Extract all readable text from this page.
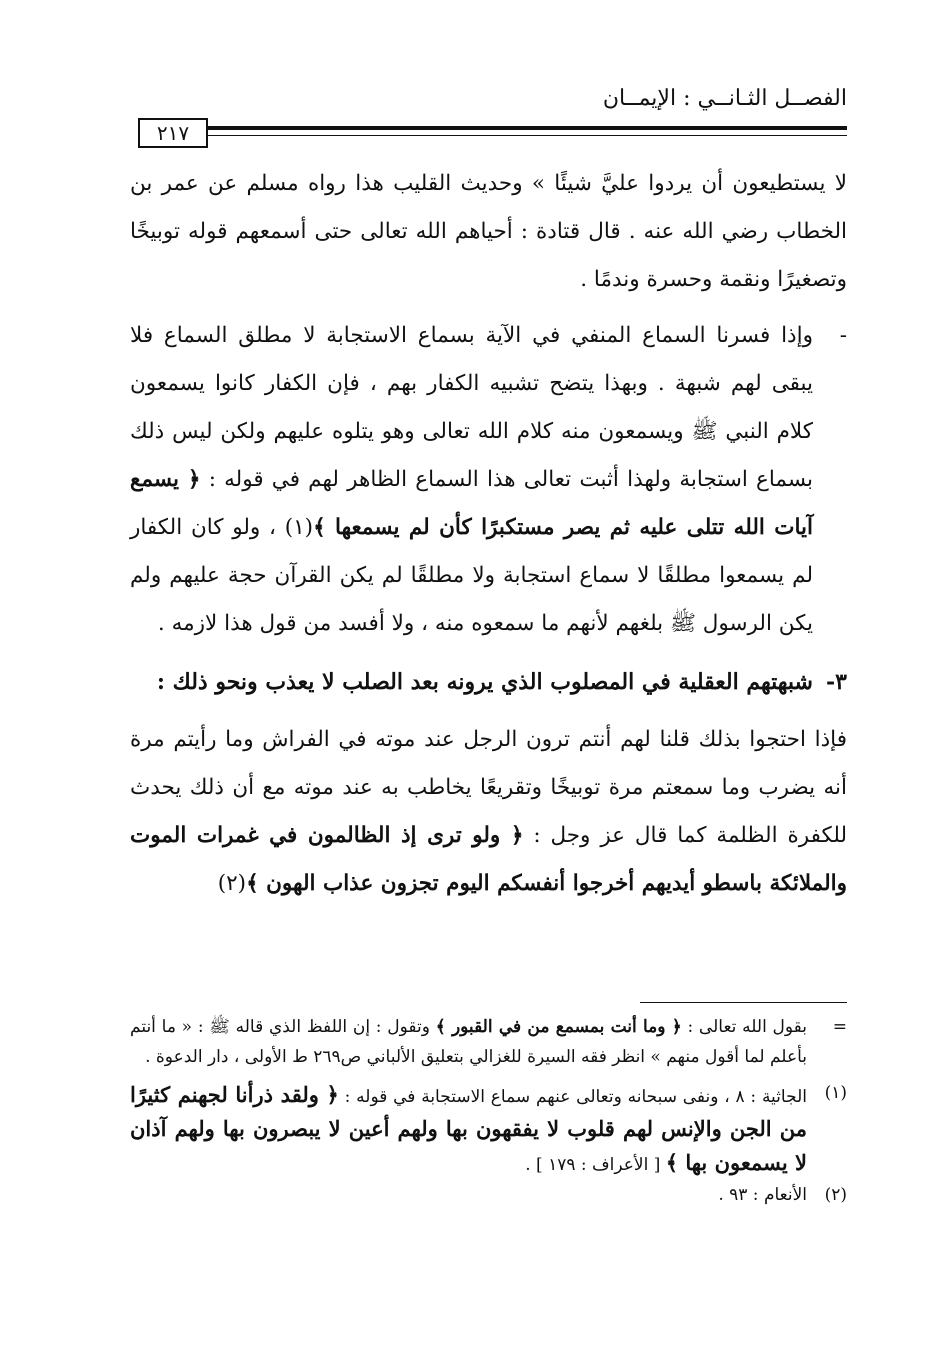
الفصــل الثـانــي : الإيمــان
٢١٧

لا يستطيعون أن يردوا عليَّ شيئًا » وحديث القليب هذا رواه مسلم عن عمر بن الخطاب رضي الله عنه . قال قتادة : أحياهم الله تعالى حتى أسمعهم قوله توبيخًا وتصغيرًا ونقمة وحسرة وندمًا .

-
وإذا فسرنا السماع المنفي في الآية بسماع الاستجابة لا مطلق السماع فلا يبقى لهم شبهة . وبهذا يتضح تشبيه الكفار بهم ، فإن الكفار كانوا يسمعون كلام النبي ﷺ ويسمعون منه كلام الله تعالى وهو يتلوه عليهم ولكن ليس ذلك بسماع استجابة ولهذا أثبت تعالى هذا السماع الظاهر لهم في قوله : ﴿ يسمع آيات الله تتلى عليه ثم يصر مستكبرًا كأن لم يسمعها ﴾(١) ، ولو كان الكفار لم يسمعوا مطلقًا لا سماع استجابة ولا مطلقًا لم يكن القرآن حجة عليهم ولم يكن الرسول ﷺ بلغهم لأنهم ما سمعوه منه ، ولا أفسد من قول هذا لازمه .
٣-
شبهتهم العقلية في المصلوب الذي يرونه بعد الصلب لا يعذب ونحو ذلك :

فإذا احتجوا بذلك قلنا لهم أنتم ترون الرجل عند موته في الفراش وما رأيتم مرة أنه يضرب وما سمعتم مرة توبيخًا وتقريعًا يخاطب به عند موته مع أن ذلك يحدث للكفرة الظلمة كما قال عز وجل : ﴿ ولو ترى إذ الظالمون في غمرات الموت والملائكة باسطو أيديهم أخرجوا أنفسكم اليوم تجزون عذاب الهون ﴾(٢)

=
بقول الله تعالى : ﴿ وما أنت بمسمع من في القبور ﴾ وتقول : إن اللفظ الذي قاله ﷺ : « ما أنتم بأعلم لما أقول منهم » انظر فقه السيرة للغزالي بتعليق الألباني ص٢٦٩ ط الأولى ، دار الدعوة .
(١)
الجاثية : ٨ ، ونفى سبحانه وتعالى عنهم سماع الاستجابة في قوله : ﴿ ولقد ذرأنا لجهنم كثيرًا من الجن والإنس لهم قلوب لا يفقهون بها ولهم أعين لا يبصرون بها ولهم آذان لا يسمعون بها ﴾ [ الأعراف : ١٧٩ ] .
(٢)
الأنعام : ٩٣ .
